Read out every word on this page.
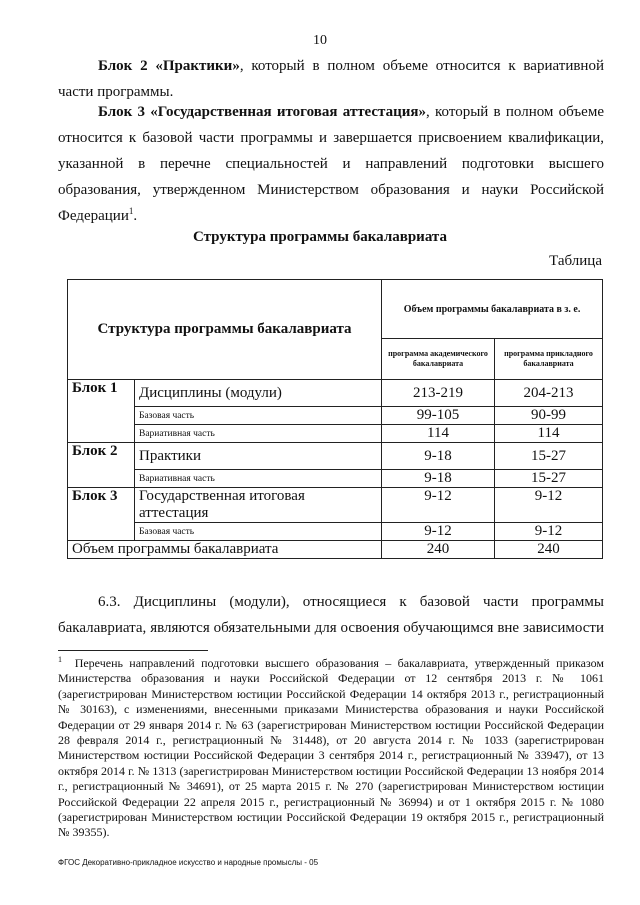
10
Блок 2 «Практики», который в полном объеме относится к вариативной части программы.
Блок 3 «Государственная итоговая аттестация», который в полном объеме относится к базовой части программы и завершается присвоением квалификации, указанной в перечне специальностей и направлений подготовки высшего образования, утвержденном Министерством образования и науки Российской Федерации$^1$.
Структура программы бакалавриата
Таблица
Структура программы бакалавриата		Объем программы бакалавриата в з. е.	
		программа академического бакалавриата	программа прикладного бакалавриата
Блок 1	Дисциплины (модули)	213-219	204-213
	Базовая часть	99-105	90-99
	Вариативная часть	114	114
Блок 2	Практики	9-18	15-27
	Вариативная часть	9-18	15-27
Блок 3	Государственная итоговая аттестация	9-12	9-12
	Базовая часть	9-12	9-12
Объем программы бакалавриата		240	240
6.3. Дисциплины (модули), относящиеся к базовой части программы бакалавриата, являются обязательными для освоения обучающимся вне зависимости
$^1$ Перечень направлений подготовки высшего образования – бакалавриата, утвержденный приказом Министерства образования и науки Российской Федерации от 12 сентября 2013 г. № 1061 (зарегистрирован Министерством юстиции Российской Федерации 14 октября 2013 г., регистрационный № 30163), с изменениями, внесенными приказами Министерства образования и науки Российской Федерации от 29 января 2014 г. № 63 (зарегистрирован Министерством юстиции Российской Федерации 28 февраля 2014 г., регистрационный № 31448), от 20 августа 2014 г. № 1033 (зарегистрирован Министерством юстиции Российской Федерации 3 сентября 2014 г., регистрационный № 33947), от 13 октября 2014 г. № 1313 (зарегистрирован Министерством юстиции Российской Федерации 13 ноября 2014 г., регистрационный № 34691), от 25 марта 2015 г. № 270 (зарегистрирован Министерством юстиции Российской Федерации 22 апреля 2015 г., регистрационный № 36994) и от 1 октября 2015 г. № 1080 (зарегистрирован Министерством юстиции Российской Федерации 19 октября 2015 г., регистрационный № 39355).
ФГОС Декоративно-прикладное искусство и народные промыслы - 05
